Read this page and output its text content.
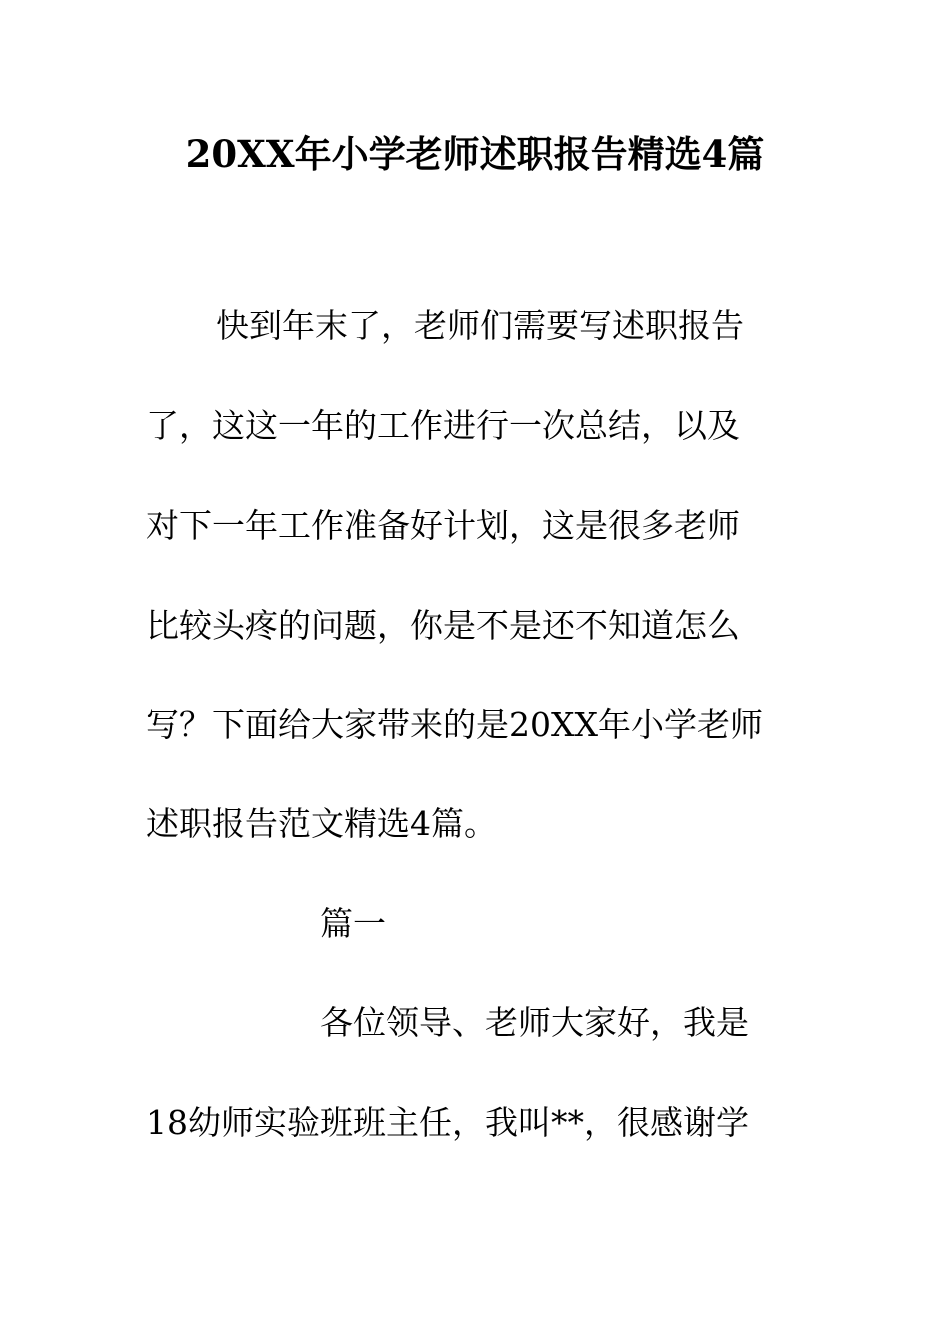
20XX年小学老师述职报告精选4篇
快到年末了，老师们需要写述职报告
了，这这一年的工作进行一次总结，以及
对下一年工作准备好计划，这是很多老师
比较头疼的问题，你是不是还不知道怎么
写？下面给大家带来的是20XX年小学老师
述职报告范文精选4篇。
篇一
各位领导、老师大家好，我是
18幼师实验班班主任，我叫**，很感谢学
